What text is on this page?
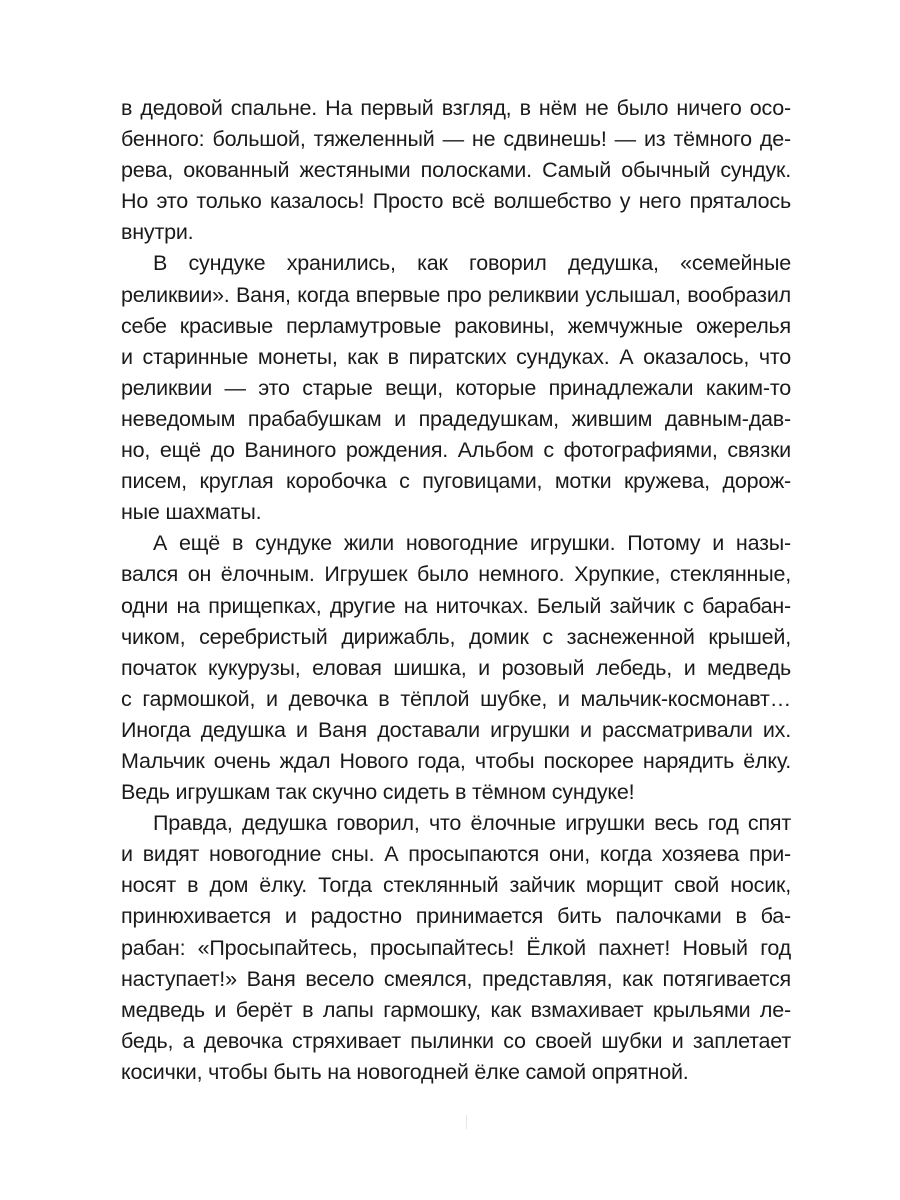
в дедовой спальне. На первый взгляд, в нём не было ничего осо-
бенного: большой, тяжеленный — не сдвинешь! — из тёмного де-
рева, окованный жестяными полосками. Самый обычный сундук.
Но это только казалось! Просто всё волшебство у него пряталось
внутри.
В сундуке хранились, как говорил дедушка, «семейные
реликвии». Ваня, когда впервые про реликвии услышал, вообразил
себе красивые перламутровые раковины, жемчужные ожерелья
и старинные монеты, как в пиратских сундуках. А оказалось, что
реликвии — это старые вещи, которые принадлежали каким-то
неведомым прабабушкам и прадедушкам, жившим давным-дав-
но, ещё до Ваниного рождения. Альбом с фотографиями, связки
писем, круглая коробочка с пуговицами, мотки кружева, дорож-
ные шахматы.
А ещё в сундуке жили новогодние игрушки. Потому и назы-
вался он ёлочным. Игрушек было немного. Хрупкие, стеклянные,
одни на прищепках, другие на ниточках. Белый зайчик с барабан-
чиком, серебристый дирижабль, домик с заснеженной крышей,
початок кукурузы, еловая шишка, и розовый лебедь, и медведь
с гармошкой, и девочка в тёплой шубке, и мальчик-космонавт…
Иногда дедушка и Ваня доставали игрушки и рассматривали их.
Мальчик очень ждал Нового года, чтобы поскорее нарядить ёлку.
Ведь игрушкам так скучно сидеть в тёмном сундуке!
Правда, дедушка говорил, что ёлочные игрушки весь год спят
и видят новогодние сны. А просыпаются они, когда хозяева при-
носят в дом ёлку. Тогда стеклянный зайчик морщит свой носик,
принюхивается и радостно принимается бить палочками в ба-
рабан: «Просыпайтесь, просыпайтесь! Ёлкой пахнет! Новый год
наступает!» Ваня весело смеялся, представляя, как потягивается
медведь и берёт в лапы гармошку, как взмахивает крыльями ле-
бедь, а девочка стряхивает пылинки со своей шубки и заплетает
косички, чтобы быть на новогодней ёлке самой опрятной.
